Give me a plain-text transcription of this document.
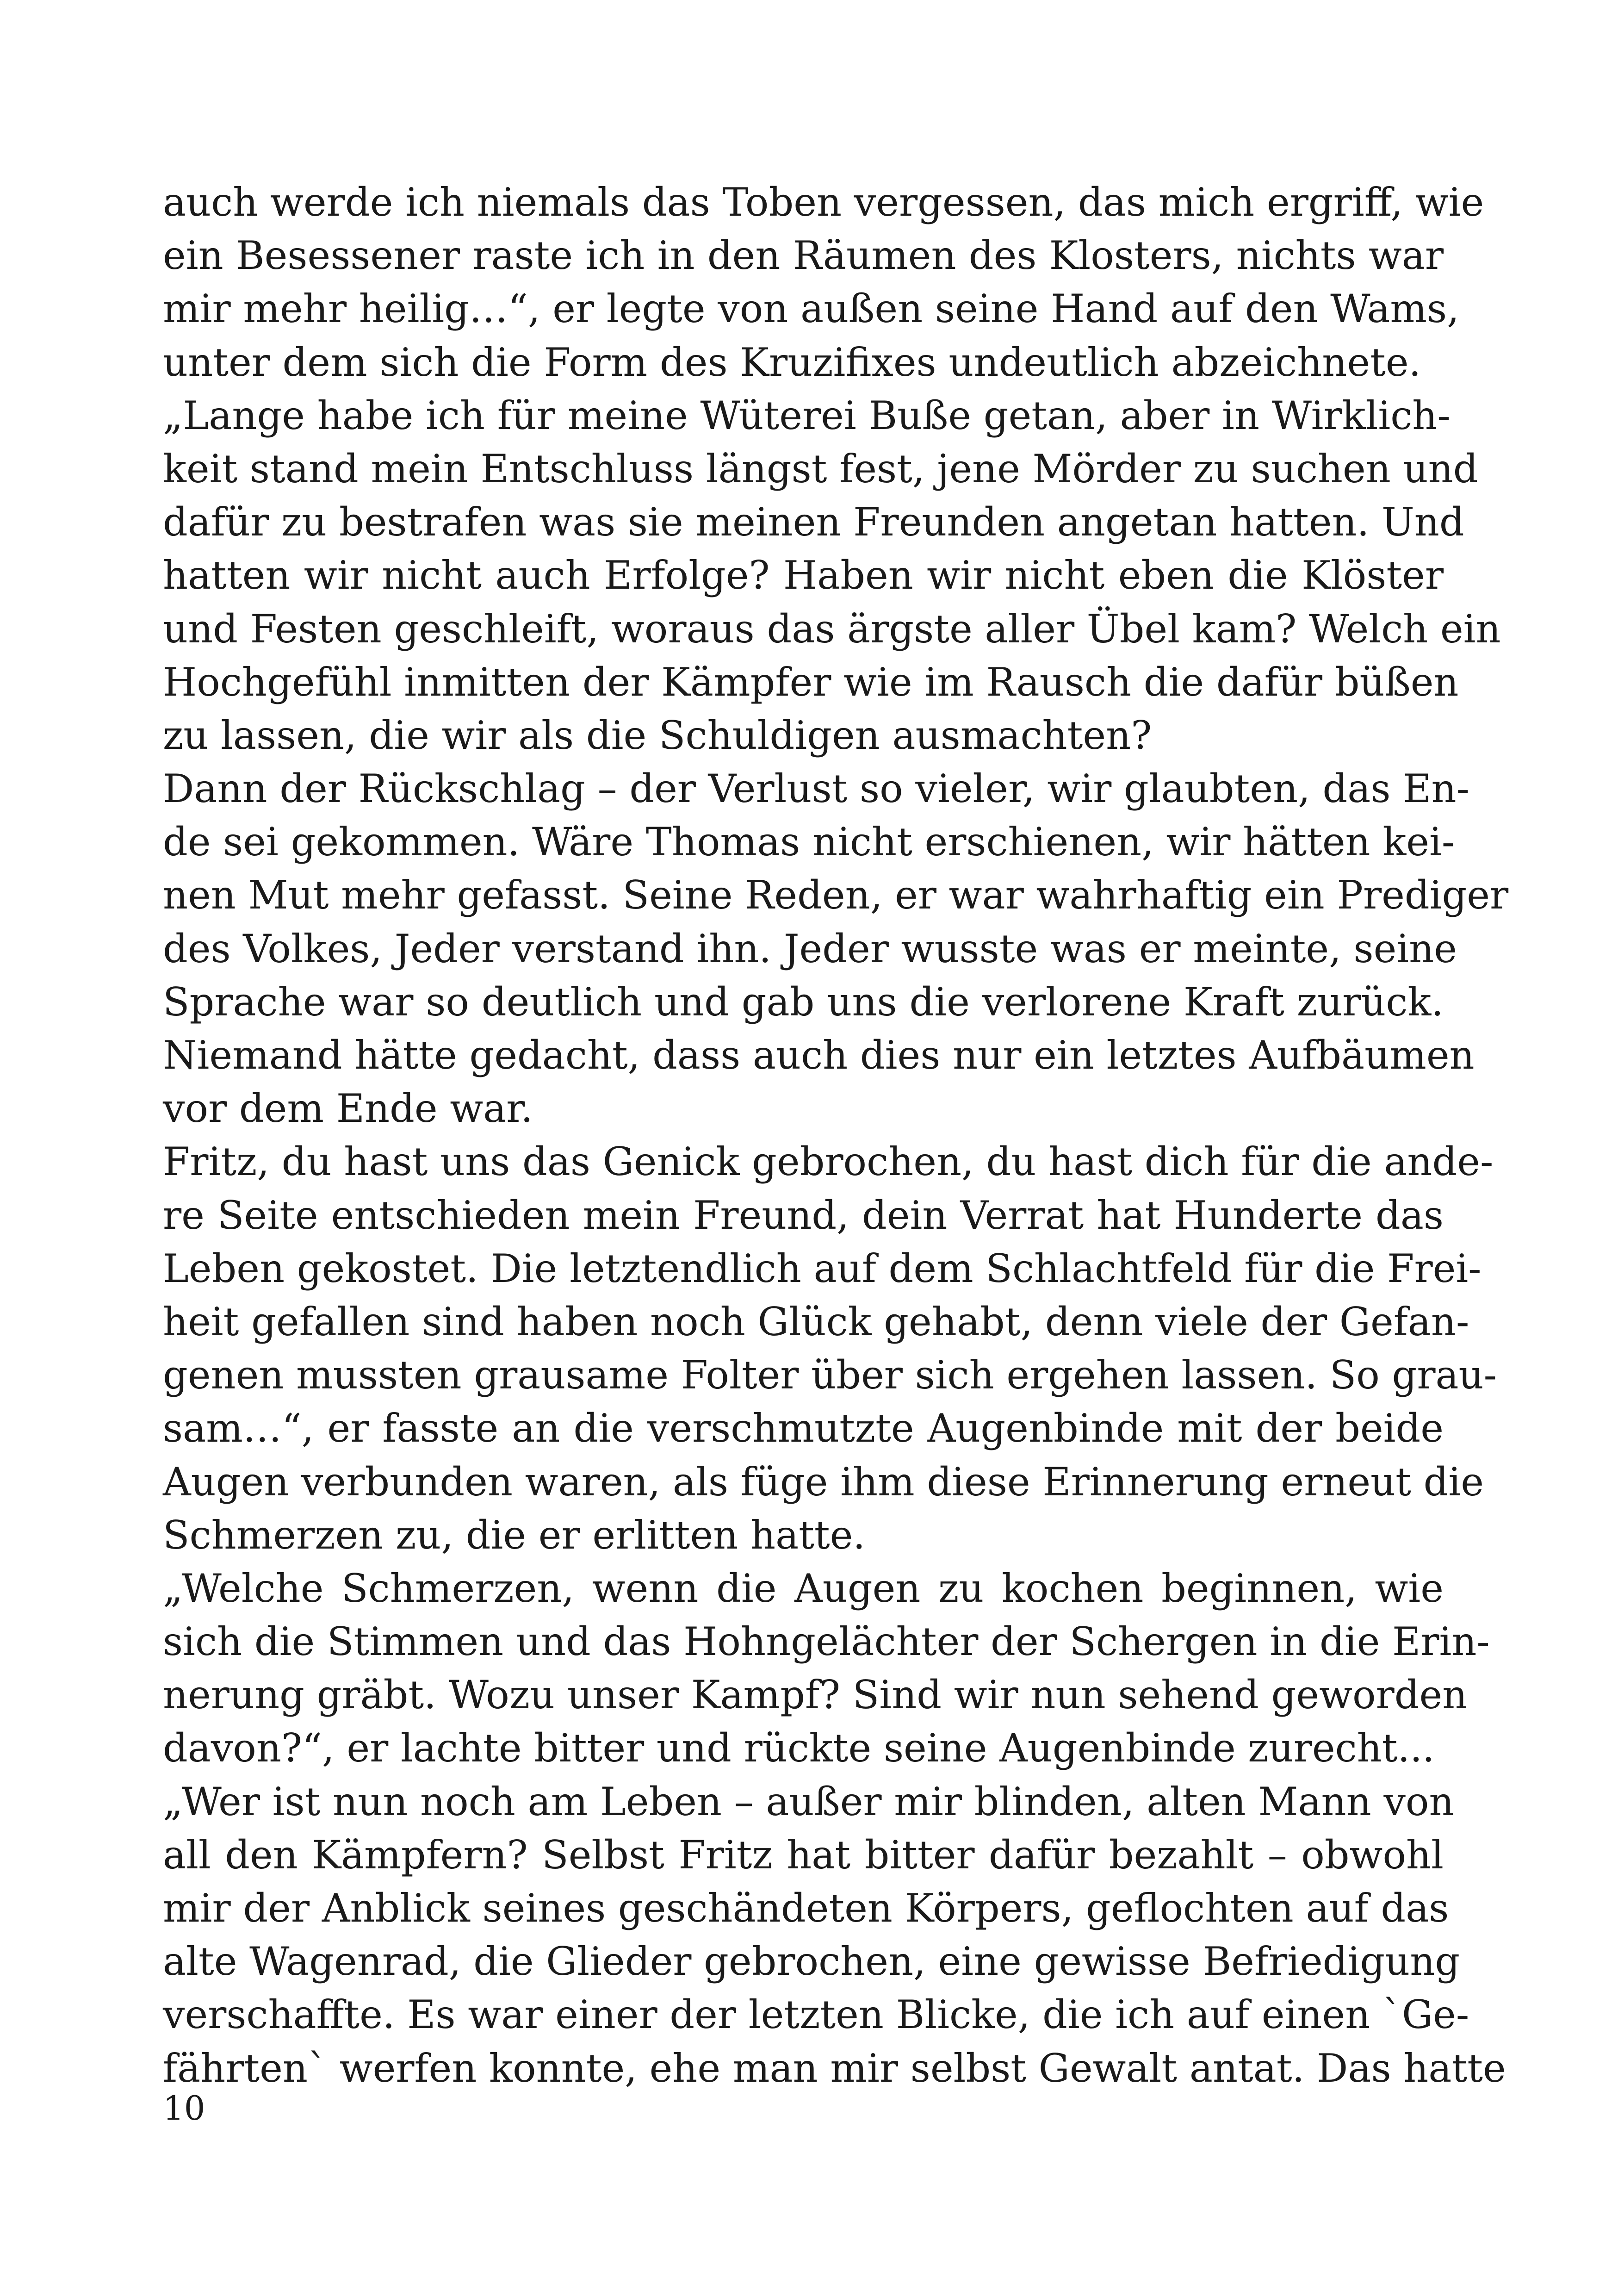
auch werde ich niemals das Toben vergessen, das mich ergriff, wie
ein Besessener raste ich in den Räumen des Klosters, nichts war
mir mehr heilig…“, er legte von außen seine Hand auf den Wams,
unter dem sich die Form des Kruzifixes undeutlich abzeichnete.
„Lange habe ich für meine Wüterei Buße getan, aber in Wirklich-
keit stand mein Entschluss längst fest, jene Mörder zu suchen und
dafür zu bestrafen was sie meinen Freunden angetan hatten. Und
hatten wir nicht auch Erfolge? Haben wir nicht eben die Klöster
und Festen geschleift, woraus das ärgste aller Übel kam? Welch ein
Hochgefühl inmitten der Kämpfer wie im Rausch die dafür büßen
zu lassen, die wir als die Schuldigen ausmachten?
Dann der Rückschlag – der Verlust so vieler, wir glaubten, das En-
de sei gekommen. Wäre Thomas nicht erschienen, wir hätten kei-
nen Mut mehr gefasst. Seine Reden, er war wahrhaftig ein Prediger
des Volkes, Jeder verstand ihn. Jeder wusste was er meinte, seine
Sprache war so deutlich und gab uns die verlorene Kraft zurück.
Niemand hätte gedacht, dass auch dies nur ein letztes Aufbäumen
vor dem Ende war.
Fritz, du hast uns das Genick gebrochen, du hast dich für die ande-
re Seite entschieden mein Freund, dein Verrat hat Hunderte das
Leben gekostet. Die letztendlich auf dem Schlachtfeld für die Frei-
heit gefallen sind haben noch Glück gehabt, denn viele der Gefan-
genen mussten grausame Folter über sich ergehen lassen. So grau-
sam…“, er fasste an die verschmutzte Augenbinde mit der beide
Augen verbunden waren, als füge ihm diese Erinnerung erneut die
Schmerzen zu, die er erlitten hatte.
„Welche Schmerzen, wenn die Augen zu kochen beginnen, wie
sich die Stimmen und das Hohngelächter der Schergen in die Erin-
nerung gräbt. Wozu unser Kampf? Sind wir nun sehend geworden
davon?“, er lachte bitter und rückte seine Augenbinde zurecht...
„Wer ist nun noch am Leben – außer mir blinden, alten Mann von
all den Kämpfern? Selbst Fritz hat bitter dafür bezahlt – obwohl
mir der Anblick seines geschändeten Körpers, geflochten auf das
alte Wagenrad, die Glieder gebrochen, eine gewisse Befriedigung
verschaffte. Es war einer der letzten Blicke, die ich auf einen `Ge-
fährten` werfen konnte, ehe man mir selbst Gewalt antat. Das hatte
10
